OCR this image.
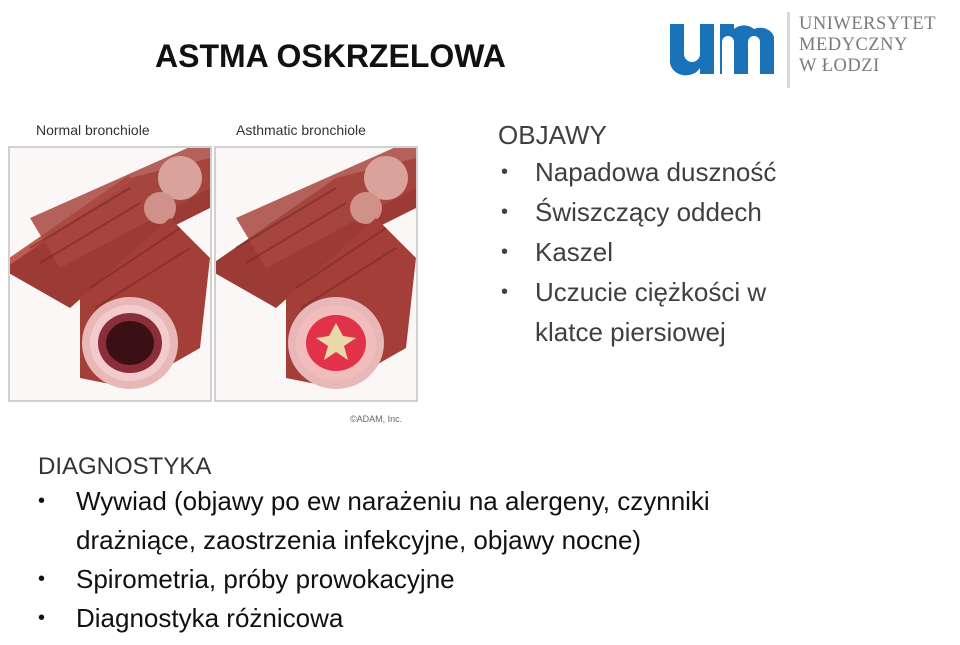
ASTMA OSKRZELOWA
UNIWERSYTET
MEDYCZNY
W ŁODZI
Normal bronchiole	Asthmatic bronchiole
©ADAM, Inc.
OBJAWY
• Napadowa duszność
• Świszczący oddech
• Kaszel
• Uczucie ciężkości w klatce piersiowej
DIAGNOSTYKA
• Wywiad (objawy po ew narażeniu na alergeny, czynniki drażniące, zaostrzenia infekcyjne, objawy nocne)
• Spirometria, próby prowokacyjne
• Diagnostyka różnicowa
